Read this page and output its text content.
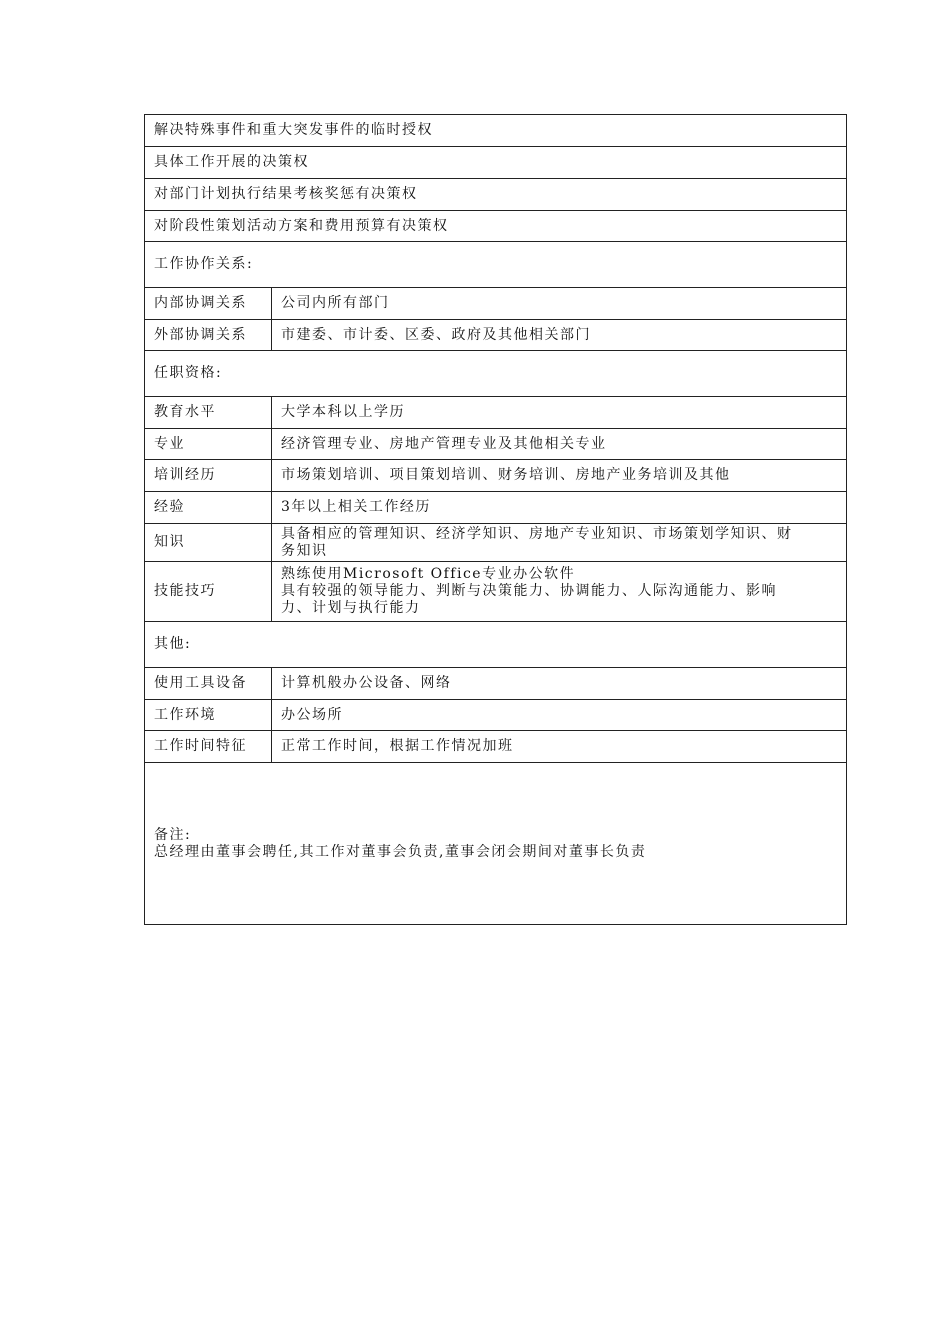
解决特殊事件和重大突发事件的临时授权	
具体工作开展的决策权	
对部门计划执行结果考核奖惩有决策权	
对阶段性策划活动方案和费用预算有决策权	
工作协作关系:	
内部协调关系	公司内所有部门
外部协调关系	市建委、市计委、区委、政府及其他相关部门
任职资格:	
教育水平	大学本科以上学历
专业	经济管理专业、房地产管理专业及其他相关专业
培训经历	市场策划培训、项目策划培训、财务培训、房地产业务培训及其他
经验	3年以上相关工作经历
知识	具备相应的管理知识、经济学知识、房地产专业知识、市场策划学知识、财
务知识

技能技巧	熟练使用Microsoft Office专业办公软件
具有较强的领导能力、判断与决策能力、协调能力、人际沟通能力、影响
力、计划与执行能力

其他:	
使用工具设备	计算机般办公设备、网络
工作环境	办公场所
工作时间特征	正常工作时间，根据工作情况加班

备注:
总经理由董事会聘任,其工作对董事会负责,董事会闭会期间对董事长负责	
